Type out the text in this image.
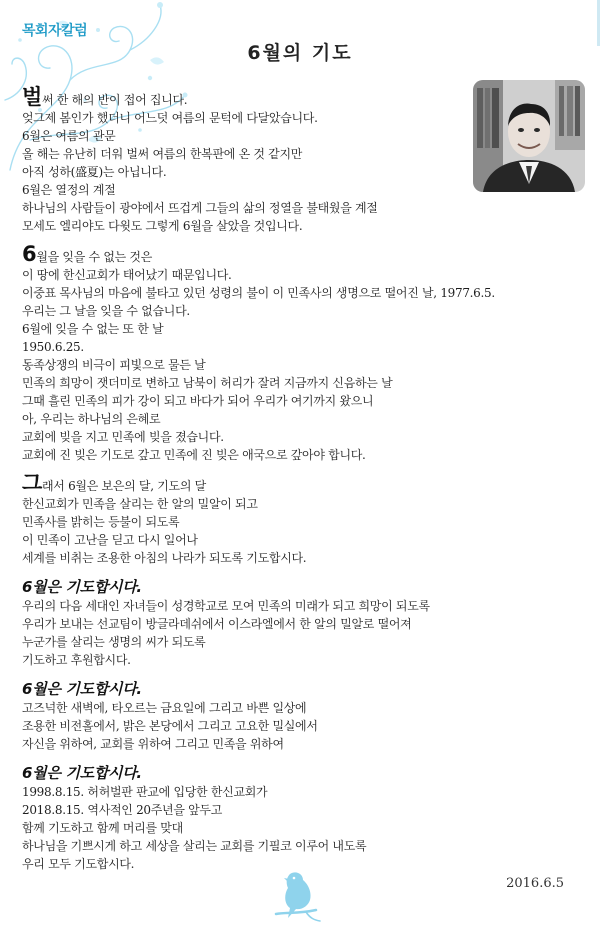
목회자칼럼
6월의 기도
벌써 한 해의 반이 접어 집니다.
엊그제 봄인가 했더니 어느덧 여름의 문턱에 다달았습니다.
6월은 여름의 관문
올 해는 유난히 더워 벌써 여름의 한복판에 온 것 같지만
아직 성하(盛夏)는 아닙니다.
6월은 열정의 계절
하나님의 사람들이 광야에서 뜨겁게 그들의 삶의 정열을 불태웠을 계절
모세도 엘리야도 다윗도 그렇게 6월을 살았을 것입니다.
6월을 잊을 수 없는 것은
이 땅에 한신교회가 태어났기 때문입니다.
이중표 목사님의 마음에 불타고 있던 성령의 불이 이 민족사의 생명으로 떨어진 날, 1977.6.5.
우리는 그 날을 잊을 수 없습니다.
6월에 잊을 수 없는 또 한 날
1950.6.25.
동족상쟁의 비극이 피빛으로 물든 날
민족의 희망이 잿더미로 변하고 남북이 허리가 잘려 지금까지 신음하는 날
그때 흘린 민족의 피가 강이 되고 바다가 되어 우리가 여기까지 왔으니
아, 우리는 하나님의 은혜로
교회에 빚을 지고 민족에 빚을 졌습니다.
교회에 진 빚은 기도로 갚고 민족에 진 빚은 애국으로 갚아야 합니다.
그래서 6월은 보은의 달, 기도의 달
한신교회가 민족을 살리는 한 알의 밀알이 되고
민족사를 밝히는 등불이 되도록
이 민족이 고난을 딛고 다시 일어나
세계를 비취는 조용한 아침의 나라가 되도록 기도합시다.
6월은 기도합시다.
우리의 다음 세대인 자녀들이 성경학교로 모여 민족의 미래가 되고 희망이 되도록
우리가 보내는 선교팀이 방글라데쉬에서 이스라엘에서 한 알의 밀알로 떨어져
누군가를 살리는 생명의 씨가 되도록
기도하고 후원합시다.
6월은 기도합시다.
고즈넉한 새벽에, 타오르는 금요일에 그리고 바쁜 일상에
조용한 비전홀에서, 밝은 본당에서 그리고 고요한 밀실에서
자신을 위하여, 교회를 위하여 그리고 민족을 위하여
6월은 기도합시다.
1998.8.15. 허허벌판 판교에 입당한 한신교회가
2018.8.15. 역사적인 20주년을 앞두고
함께 기도하고 함께 머리를 맞대
하나님을 기쁘시게 하고 세상을 살리는 교회를 기필코 이루어 내도록
우리 모두 기도합시다.
2016.6.5
